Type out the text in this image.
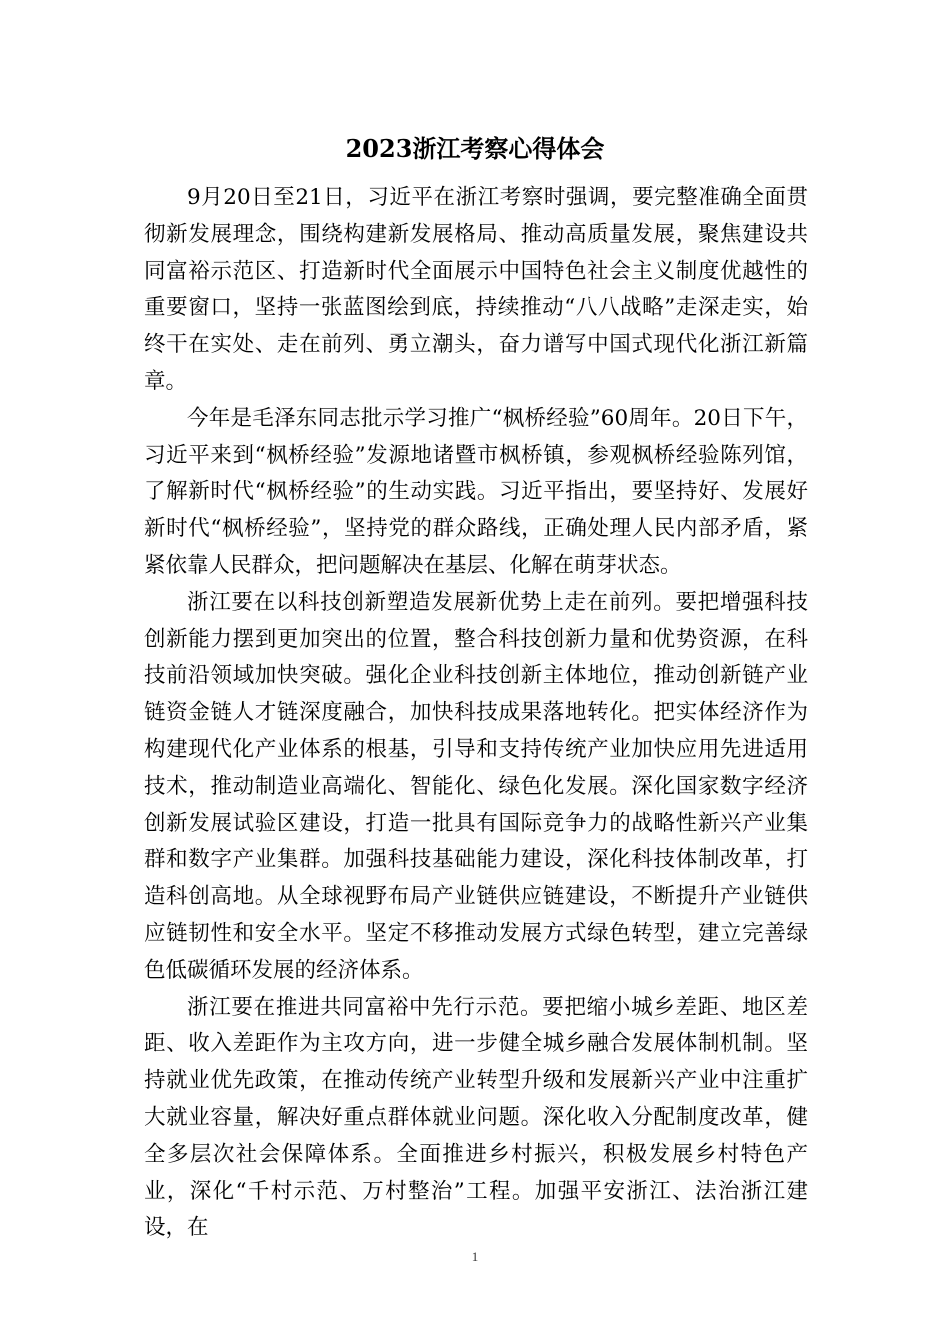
2023浙江考察心得体会

9月20日至21日，习近平在浙江考察时强调，要完整准确全面贯彻新发展理念，围绕构建新发展格局、推动高质量发展，聚焦建设共同富裕示范区、打造新时代全面展示中国特色社会主义制度优越性的重要窗口，坚持一张蓝图绘到底，持续推动“八八战略”走深走实，始终干在实处、走在前列、勇立潮头，奋力谱写中国式现代化浙江新篇章。

今年是毛泽东同志批示学习推广“枫桥经验”60周年。20日下午，习近平来到“枫桥经验”发源地诸暨市枫桥镇，参观枫桥经验陈列馆，了解新时代“枫桥经验”的生动实践。习近平指出，要坚持好、发展好新时代“枫桥经验”，坚持党的群众路线，正确处理人民内部矛盾，紧紧依靠人民群众，把问题解决在基层、化解在萌芽状态。

浙江要在以科技创新塑造发展新优势上走在前列。要把增强科技创新能力摆到更加突出的位置，整合科技创新力量和优势资源，在科技前沿领域加快突破。强化企业科技创新主体地位，推动创新链产业链资金链人才链深度融合，加快科技成果落地转化。把实体经济作为构建现代化产业体系的根基，引导和支持传统产业加快应用先进适用技术，推动制造业高端化、智能化、绿色化发展。深化国家数字经济创新发展试验区建设，打造一批具有国际竞争力的战略性新兴产业集群和数字产业集群。加强科技基础能力建设，深化科技体制改革，打造科创高地。从全球视野布局产业链供应链建设，不断提升产业链供应链韧性和安全水平。坚定不移推动发展方式绿色转型，建立完善绿色低碳循环发展的经济体系。

浙江要在推进共同富裕中先行示范。要把缩小城乡差距、地区差距、收入差距作为主攻方向，进一步健全城乡融合发展体制机制。坚持就业优先政策，在推动传统产业转型升级和发展新兴产业中注重扩大就业容量，解决好重点群体就业问题。深化收入分配制度改革，健全多层次社会保障体系。全面推进乡村振兴，积极发展乡村特色产业，深化“千村示范、万村整治”工程。加强平安浙江、法治浙江建设，在

1
